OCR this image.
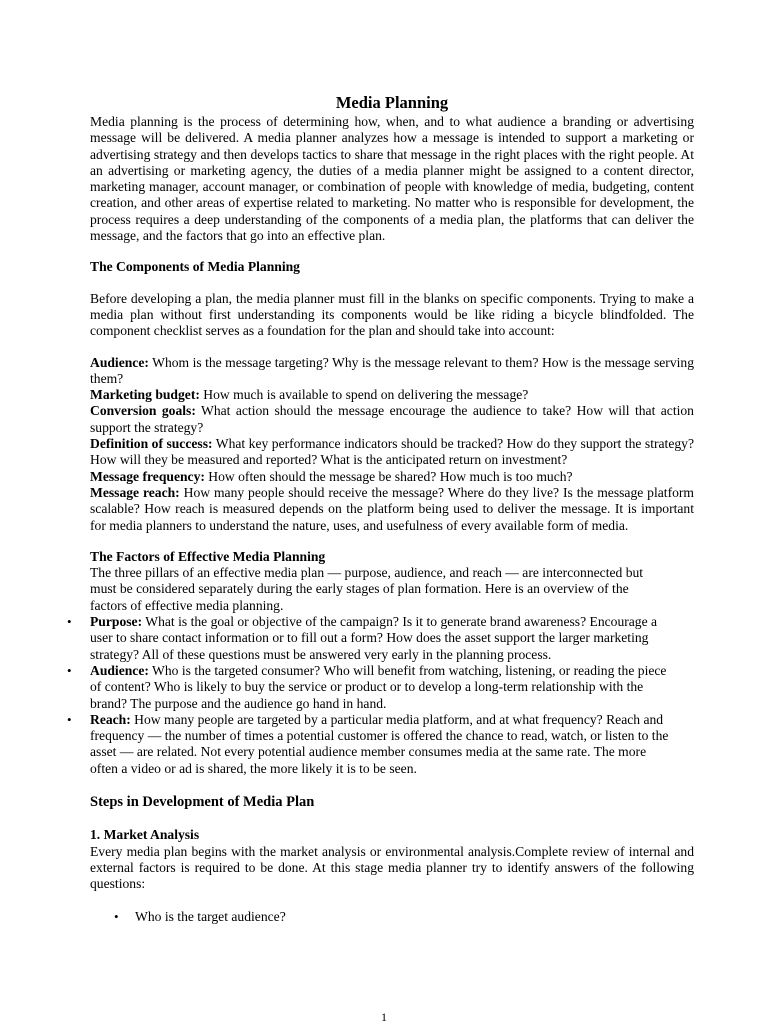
Media Planning

Media planning is the process of determining how, when, and to what audience a branding or advertising message will be delivered. A media planner analyzes how a message is intended to support a marketing or advertising strategy and then develops tactics to share that message in the right places with the right people. At an advertising or marketing agency, the duties of a media planner might be assigned to a content director, marketing manager, account manager, or combination of people with knowledge of media, budgeting, content creation, and other areas of expertise related to marketing. No matter who is responsible for development, the process requires a deep understanding of the components of a media plan, the platforms that can deliver the message, and the factors that go into an effective plan.

The Components of Media Planning

Before developing a plan, the media planner must fill in the blanks on specific components. Trying to make a media plan without first understanding its components would be like riding a bicycle blindfolded. The component checklist serves as a foundation for the plan and should take into account:

Audience: Whom is the message targeting? Why is the message relevant to them? How is the message serving them?

Marketing budget: How much is available to spend on delivering the message?

Conversion goals: What action should the message encourage the audience to take? How will that action support the strategy?

Definition of success: What key performance indicators should be tracked? How do they support the strategy? How will they be measured and reported? What is the anticipated return on investment?

Message frequency: How often should the message be shared? How much is too much?

Message reach: How many people should receive the message? Where do they live? Is the message platform scalable? How reach is measured depends on the platform being used to deliver the message. It is important for media planners to understand the nature, uses, and usefulness of every available form of media.

The Factors of Effective Media Planning

The three pillars of an effective media plan — purpose, audience, and reach — are interconnected but must be considered separately during the early stages of plan formation. Here is an overview of the factors of effective media planning.

• Purpose: What is the goal or objective of the campaign? Is it to generate brand awareness? Encourage a user to share contact information or to fill out a form? How does the asset support the larger marketing strategy? All of these questions must be answered very early in the planning process.
• Audience: Who is the targeted consumer? Who will benefit from watching, listening, or reading the piece of content? Who is likely to buy the service or product or to develop a long-term relationship with the brand? The purpose and the audience go hand in hand.
• Reach: How many people are targeted by a particular media platform, and at what frequency? Reach and frequency — the number of times a potential customer is offered the chance to read, watch, or listen to the asset — are related. Not every potential audience member consumes media at the same rate. The more often a video or ad is shared, the more likely it is to be seen.

Steps in Development of Media Plan

1. Market Analysis

Every media plan begins with the market analysis or environmental analysis.Complete review of internal and external factors is required to be done. At this stage media planner try to identify answers of the following questions:

• Who is the target audience?
1
